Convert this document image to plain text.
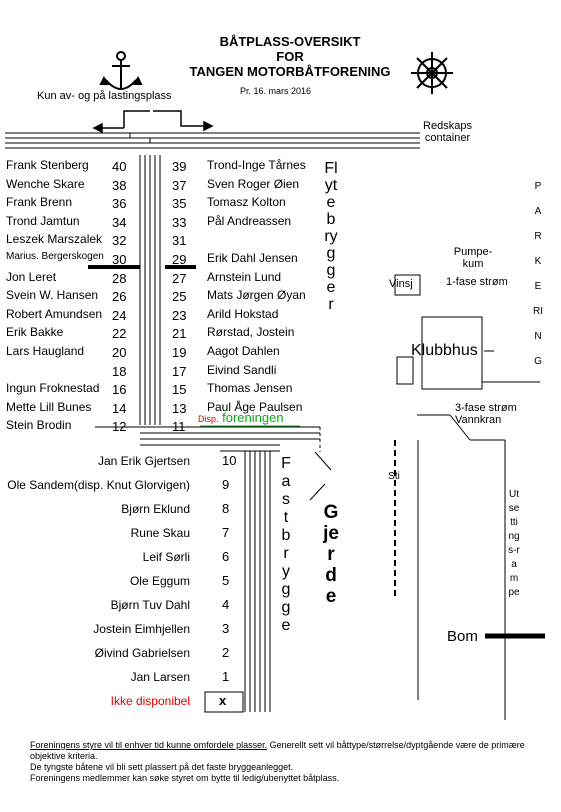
BÅTPLASS-OVERSIKT
FOR
TANGEN MOTORBÅTFORENING
Kun av- og på lastingsplass	Pr. 16. mars 2016
Redskaps
container
Pumpe-
kum
1-fase strøm
Vinsj
Klubbhus
3-fase strøm
Vannkran
Flytebrygger
PARKERING
Fast brygge
Gjerde
Sti
Bom
Utsettings-rampe
Disp. foreningen
Frank Stenberg 40
Wenche Skare 38
Frank Brenn	36
Trond Jamtun 34
Leszek Marszalek 32
Marius. Bergerskogen 30
Jon Leret	28
Svein W. Hansen 26
Robert Amundsen 24
Erik Bakke	22
Lars Haugland 20
18
Ingun Froknestad 16
Mette Lill Bunes 14
Stein Brodin	12
39 Trond-Inge Tårnes
37 Sven Roger Øien
35 Tomasz Kolton
33 Pål Andreassen
31
29 Erik Dahl Jensen
27 Arnstein Lund
25 Mats Jørgen Øyan
23 Arild Hokstad
21 Rørstad, Jostein
19 Aagot Dahlen
17 Eivind Sandli
15 Thomas Jensen
13 Paul Åge Paulsen
11
Jan Erik Gjertsen 10
Ole Sandem(disp. Knut Glorvigen) 9
Bjørn Eklund 8
Rune Skau 7
Leif Sørli 6
Ole Eggum 5
Bjørn Tuv Dahl 4
Jostein Eimhjellen 3
Øivind Gabrielsen 2
Jan Larsen 1
Ikke disponibel x
Foreningens styre vil til enhver tid kunne omfordele plasser. Generellt sett vil båttype/størrelse/dyptgående være de primære objektive kriteria.
De tyngste båtene vil bli sett plassert på det faste bryggeanlegget.
Foreningens medlemmer kan søke styret om bytte til ledig/ubenyttet båtplass.
